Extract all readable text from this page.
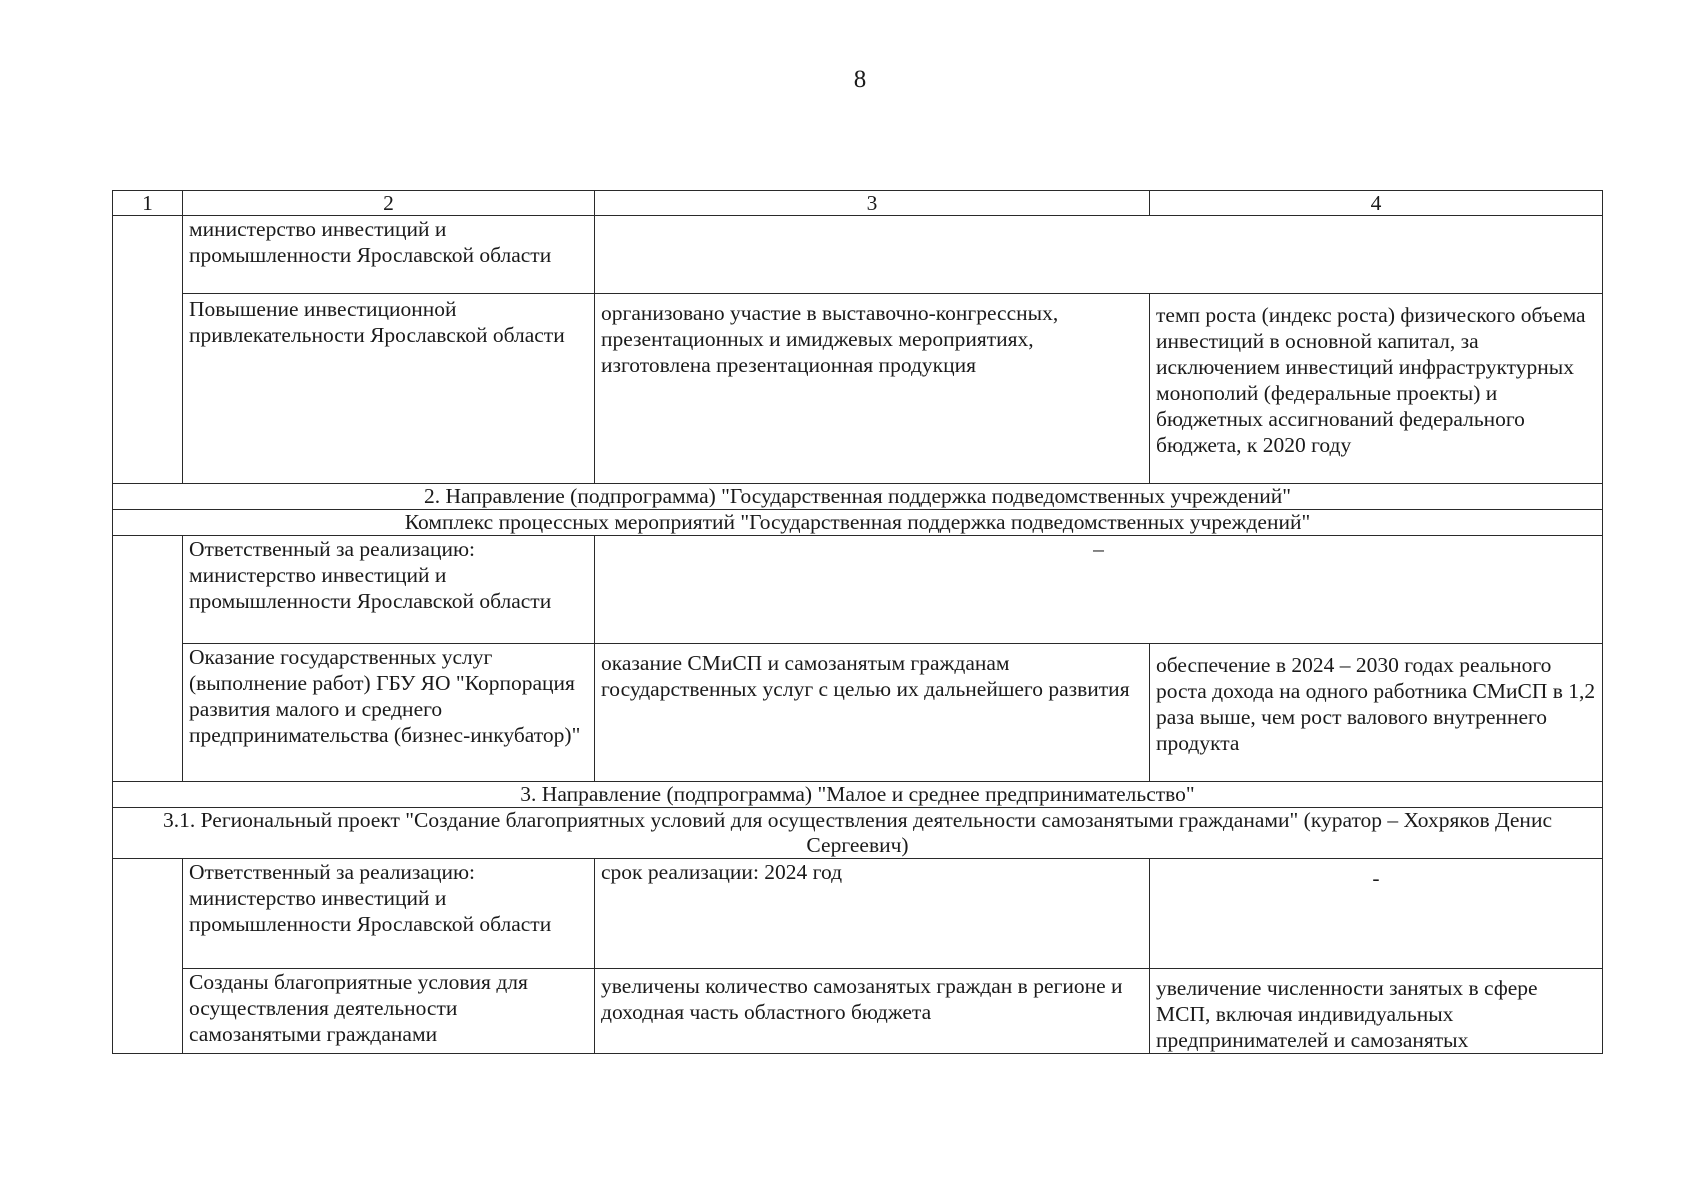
8
1	2	3	4
	министерство инвестиций и промышленности Ярославской области		
	Повышение инвестиционной привлекательности Ярославской области	организовано участие в выставочно-конгрессных, презентационных и имиджевых мероприятиях, изготовлена презентационная продукция	темп роста (индекс роста) физического объема инвестиций в основной капитал, за исключением инвестиций инфраструктурных монополий (федеральные проекты) и бюджетных ассигнований федерального бюджета, к 2020 году
2. Направление (подпрограмма) "Государственная поддержка подведомственных учреждений"			
Комплекс процессных мероприятий "Государственная поддержка подведомственных учреждений"			
	Ответственный за реализацию: министерство инвестиций и промышленности Ярославской области	–	
	Оказание государственных услуг (выполнение работ) ГБУ ЯО "Корпорация развития малого и среднего предпринимательства (бизнес-инкубатор)"	оказание СМиСП и самозанятым гражданам государственных услуг с целью их дальнейшего развития	обеспечение в 2024 – 2030 годах реального роста дохода на одного работника СМиСП в 1,2 раза выше, чем рост валового внутреннего продукта
3. Направление (подпрограмма) "Малое и среднее предпринимательство"			
3.1. Региональный проект "Создание благоприятных условий для осуществления деятельности самозанятыми гражданами" (куратор – Хохряков Денис Сергеевич)			
	Ответственный за реализацию: министерство инвестиций и промышленности Ярославской области	срок реализации: 2024 год	-
	Созданы благоприятные условия для осуществления деятельности самозанятыми гражданами	увеличены количество самозанятых граждан в регионе и доходная часть областного бюджета	увеличение численности занятых в сфере МСП, включая индивидуальных предпринимателей и самозанятых
